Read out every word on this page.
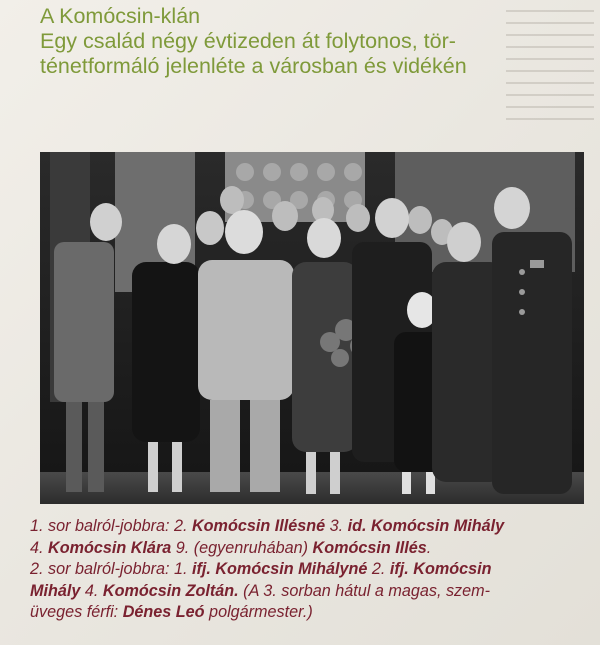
A Komócsin-klán
Egy család négy évtizeden át folytonos, tör-
ténetformáló jelenléte a városban és vidékén
1. sor balról-jobbra: 2. Komócsin Illésné 3. id. Komócsin Mihály
4. Komócsin Klára 9. (egyenruhában) Komócsin Illés.
2. sor balról-jobbra: 1. ifj. Komócsin Mihályné 2. ifj. Komócsin
Mihály 4. Komócsin Zoltán. (A 3. sorban hátul a magas, szem-
üveges férfi: Dénes Leó polgármester.)
